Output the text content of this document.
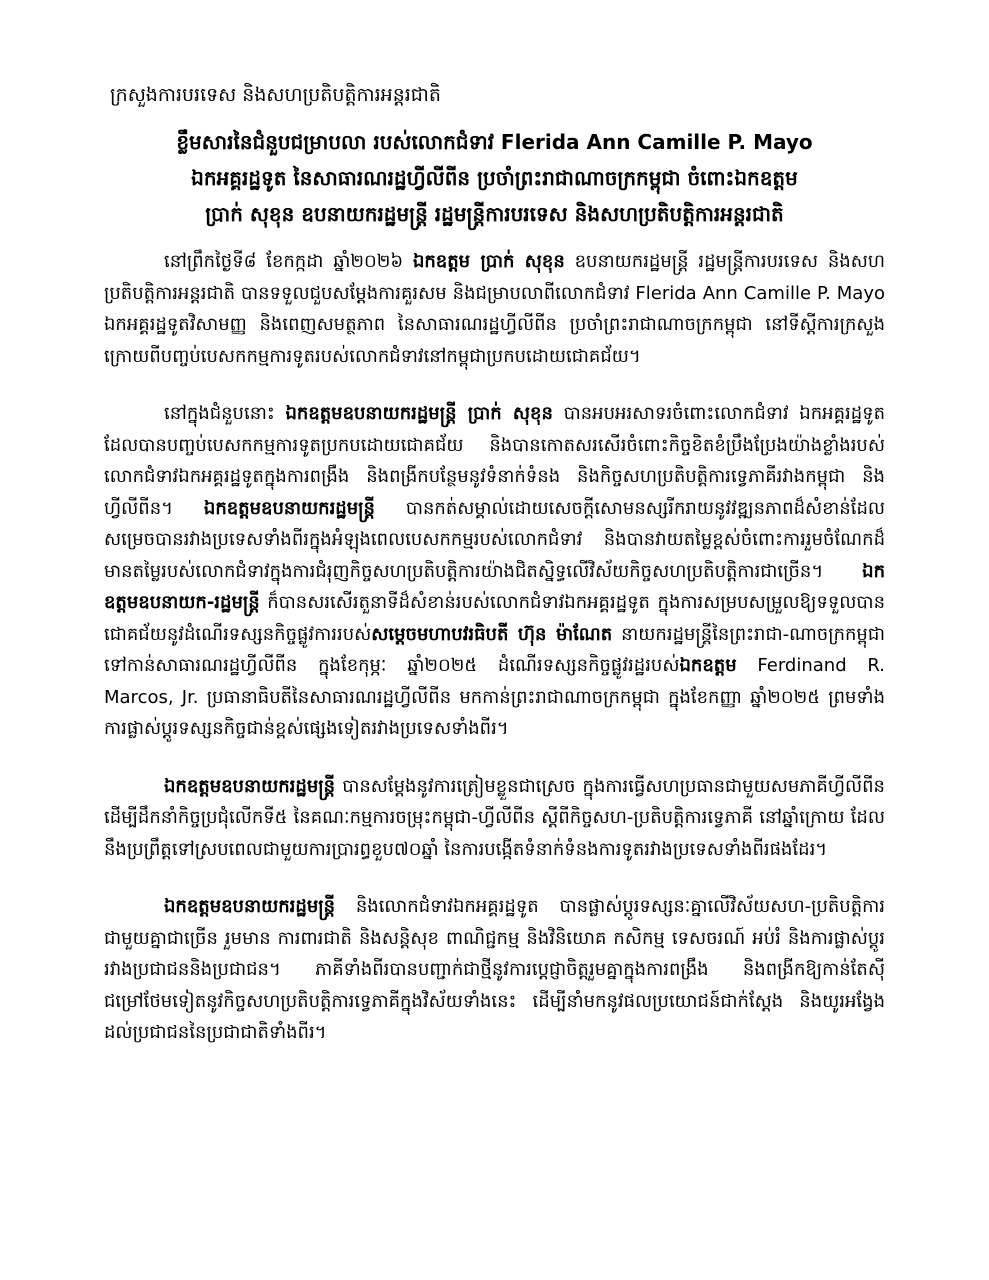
ក្រសួងការបរទេស និងសហប្រតិបត្តិការអន្តរជាតិ
ខ្លឹមសារនៃជំនួបជម្រាបលា របស់លោកជំទាវ Flerida Ann Camille P. Mayo
ឯកអគ្គរដ្ឋទូត នៃសាធារណរដ្ឋហ្វីលីពីន ប្រចាំព្រះរាជាណាចក្រកម្ពុជា ចំពោះឯកឧត្តម
ប្រាក់ សុខុន ឧបនាយករដ្ឋមន្ត្រី រដ្ឋមន្ត្រីការបរទេស និងសហប្រតិបត្តិការអន្តរជាតិ

នៅព្រឹកថ្ងៃទី៨ ខែកក្កដា ឆ្នាំ២០២៦ ឯកឧត្តម ប្រាក់ សុខុន ឧបនាយករដ្ឋមន្ត្រី រដ្ឋមន្ត្រីការបរទេស និងសហប្រតិបត្តិការអន្តរជាតិ បានទទួលជួបសម្តែងការគួរសម និងជម្រាបលាពីលោកជំទាវ Flerida Ann Camille P. Mayo ឯកអគ្គរដ្ឋទូតវិសាមញ្ញ និងពេញសមត្ថភាព នៃសាធារណរដ្ឋហ្វីលីពីន ប្រចាំព្រះរាជាណាចក្រកម្ពុជា នៅទីស្តីការក្រសួង ក្រោយពីបញ្ចប់បេសកកម្មការទូតរបស់លោកជំទាវនៅកម្ពុជាប្រកបដោយជោគជ័យ។

នៅក្នុងជំនួបនោះ ឯកឧត្តមឧបនាយករដ្ឋមន្ត្រី ប្រាក់ សុខុន បានអបអរសាទរចំពោះលោកជំទាវ ឯកអគ្គរដ្ឋទូត ដែលបានបញ្ចប់បេសកកម្មការទូតប្រកបដោយជោគជ័យ និងបានកោតសរសើរចំពោះកិច្ចខិតខំប្រឹងប្រែងយ៉ាងខ្លាំងរបស់លោកជំទាវឯកអគ្គរដ្ឋទូតក្នុងការពង្រឹង និងពង្រីកបន្ថែមនូវទំនាក់ទំនង និងកិច្ចសហប្រតិបត្តិការទ្វេភាគីរវាងកម្ពុជា និងហ្វីលីពីន។ ឯកឧត្តមឧបនាយករដ្ឋមន្ត្រី បានកត់សម្គាល់ដោយសេចក្តីសោមនស្សរីករាយនូវវឌ្ឍនភាពដ៏សំខាន់ដែលសម្រេចបានរវាងប្រទេសទាំងពីរក្នុងអំឡុងពេលបេសកកម្មរបស់លោកជំទាវ និងបានវាយតម្លៃខ្ពស់ចំពោះការរួមចំណែកដ៏មានតម្លៃរបស់លោកជំទាវក្នុងការជំរុញកិច្ចសហប្រតិបត្តិការយ៉ាងជិតស្និទ្ធលើវិស័យកិច្ចសហប្រតិបត្តិការជាច្រើន។ ឯកឧត្តមឧបនាយក-រដ្ឋមន្ត្រី ក៏បានសរសើរតួនាទីដ៏សំខាន់របស់លោកជំទាវឯកអគ្គរដ្ឋទូត ក្នុងការសម្របសម្រួលឱ្យទទួលបានជោគជ័យនូវដំណើរទស្សនកិច្ចផ្លូវការរបស់សម្តេចមហាបវរធិបតី ហ៊ុន ម៉ាណែត នាយករដ្ឋមន្ត្រីនៃព្រះរាជា-ណាចក្រកម្ពុជា ទៅកាន់សាធារណរដ្ឋហ្វីលីពីន ក្នុងខែកុម្ភៈ ឆ្នាំ២០២៥ ដំណើរទស្សនកិច្ចផ្លូវរដ្ឋរបស់ឯកឧត្តម Ferdinand R. Marcos, Jr. ប្រធានាធិបតីនៃសាធារណរដ្ឋហ្វីលីពីន មកកាន់ព្រះរាជាណាចក្រកម្ពុជា ក្នុងខែកញ្ញា ឆ្នាំ២០២៥ ព្រមទាំងការផ្លាស់ប្តូរទស្សនកិច្ចជាន់ខ្ពស់ផ្សេងទៀតរវាងប្រទេសទាំងពីរ។

ឯកឧត្តមឧបនាយករដ្ឋមន្ត្រី បានសម្តែងនូវការត្រៀមខ្លួនជាស្រេច ក្នុងការធ្វើសហប្រធានជាមួយសមភាគីហ្វីលីពីន ដើម្បីដឹកនាំកិច្ចប្រជុំលើកទី៥ នៃគណៈកម្មការចម្រុះកម្ពុជា-ហ្វីលីពីន ស្តីពីកិច្ចសហ-ប្រតិបត្តិការទ្វេភាគី នៅឆ្នាំក្រោយ ដែលនឹងប្រព្រឹត្តទៅស្របពេលជាមួយការប្រារព្ធខួប៧០ឆ្នាំ នៃការបង្កើតទំនាក់ទំនងការទូតរវាងប្រទេសទាំងពីរផងដែរ។

ឯកឧត្តមឧបនាយករដ្ឋមន្ត្រី និងលោកជំទាវឯកអគ្គរដ្ឋទូត បានផ្លាស់ប្តូរទស្សនៈគ្នាលើវិស័យសហ-ប្រតិបត្តិការជាមួយគ្នាជាច្រើន រួមមាន ការពារជាតិ និងសន្តិសុខ ពាណិជ្ជកម្ម និងវិនិយោគ កសិកម្ម ទេសចរណ៍ អប់រំ និងការផ្លាស់ប្តូររវាងប្រជាជននិងប្រជាជន។ ភាគីទាំងពីរបានបញ្ជាក់ជាថ្មីនូវការប្តេជ្ញាចិត្តរួមគ្នាក្នុងការពង្រឹង និងពង្រីកឱ្យកាន់តែស៊ីជម្រៅថែមទៀតនូវកិច្ចសហប្រតិបត្តិការទ្វេភាគីក្នុងវិស័យទាំងនេះ ដើម្បីនាំមកនូវផលប្រយោជន៍ជាក់ស្តែង និងយូរអង្វែងដល់ប្រជាជននៃប្រជាជាតិទាំងពីរ។
